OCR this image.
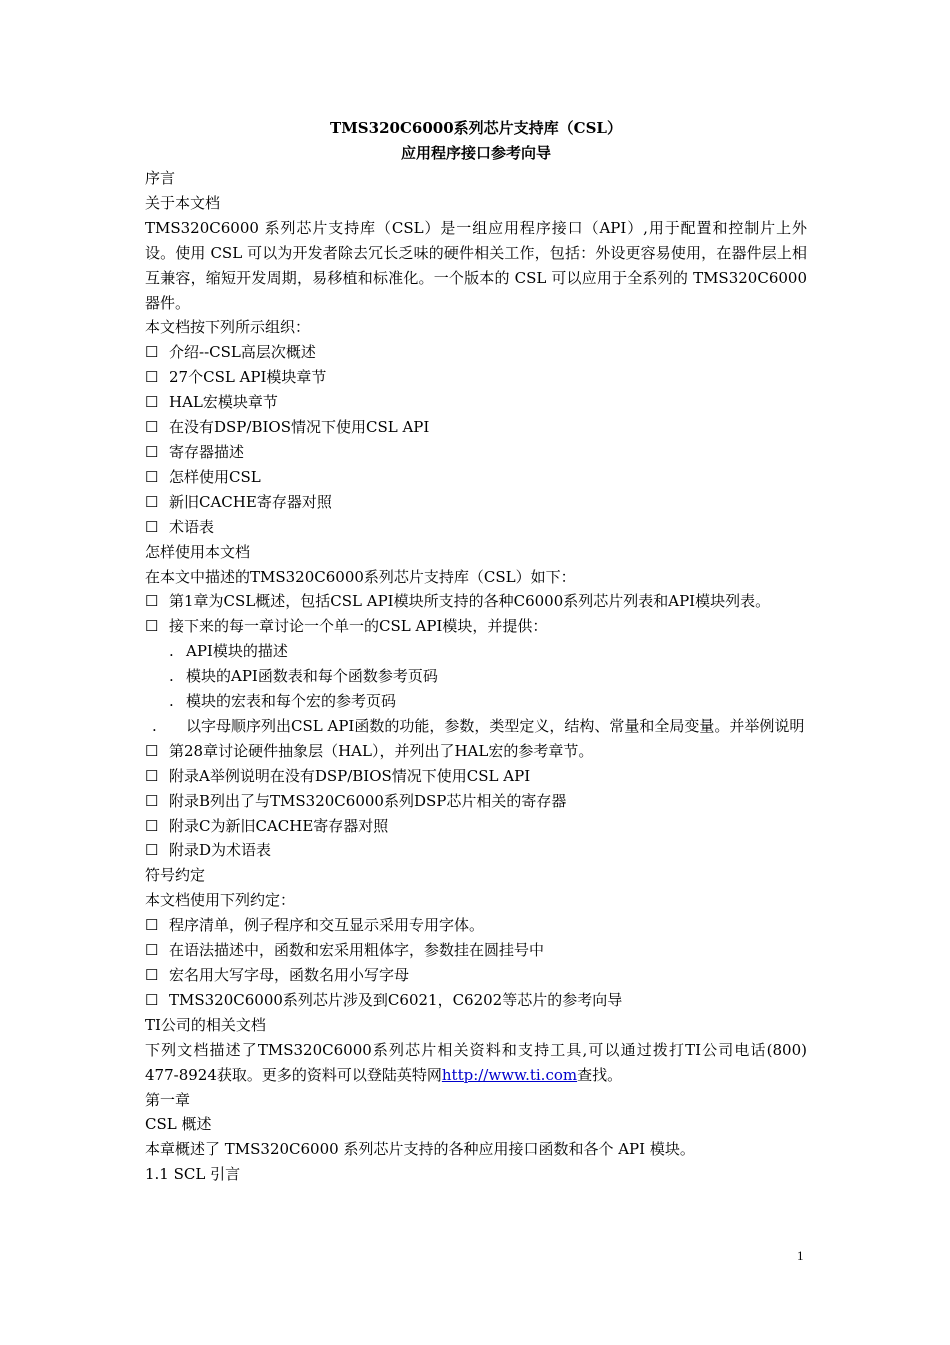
TMS320C6000系列芯片支持库（CSL）
应用程序接口参考向导
序言
关于本文档
TMS320C6000 系列芯片支持库（CSL）是一组应用程序接口（API）,用于配置和控制片上外设。使用 CSL 可以为开发者除去冗长乏味的硬件相关工作，包括：外设更容易使用，在器件层上相互兼容，缩短开发周期，易移植和标准化。一个版本的 CSL 可以应用于全系列的 TMS320C6000 器件。
本文档按下列所示组织：
☐ 介绍--CSL高层次概述
☐ 27个CSL API模块章节
☐ HAL宏模块章节
☐ 在没有DSP/BIOS情况下使用CSL API
☐ 寄存器描述
☐ 怎样使用CSL
☐ 新旧CACHE寄存器对照
☐ 术语表
怎样使用本文档
在本文中描述的TMS320C6000系列芯片支持库（CSL）如下：
☐ 第1章为CSL概述，包括CSL API模块所支持的各种C6000系列芯片列表和API模块列表。
☐ 接下来的每一章讨论一个单一的CSL API模块，并提供：
. API模块的描述
. 模块的API函数表和每个函数参考页码
. 模块的宏表和每个宏的参考页码
. 以字母顺序列出CSL API函数的功能，参数，类型定义，结构、常量和全局变量。并举例说明
☐ 第28章讨论硬件抽象层（HAL），并列出了HAL宏的参考章节。
☐ 附录A举例说明在没有DSP/BIOS情况下使用CSL API
☐ 附录B列出了与TMS320C6000系列DSP芯片相关的寄存器
☐ 附录C为新旧CACHE寄存器对照
☐ 附录D为术语表
符号约定
本文档使用下列约定：
☐ 程序清单，例子程序和交互显示采用专用字体。
☐ 在语法描述中，函数和宏采用粗体字，参数挂在圆挂号中
☐ 宏名用大写字母，函数名用小写字母
☐ TMS320C6000系列芯片涉及到C6021，C6202等芯片的参考向导
TI公司的相关文档
下列文档描述了TMS320C6000系列芯片相关资料和支持工具,可以通过拨打TI公司电话(800) 477-8924获取。更多的资料可以登陆英特网http://www.ti.com查找。
第一章
CSL 概述
本章概述了 TMS320C6000 系列芯片支持的各种应用接口函数和各个 API 模块。
1.1 SCL 引言
1
